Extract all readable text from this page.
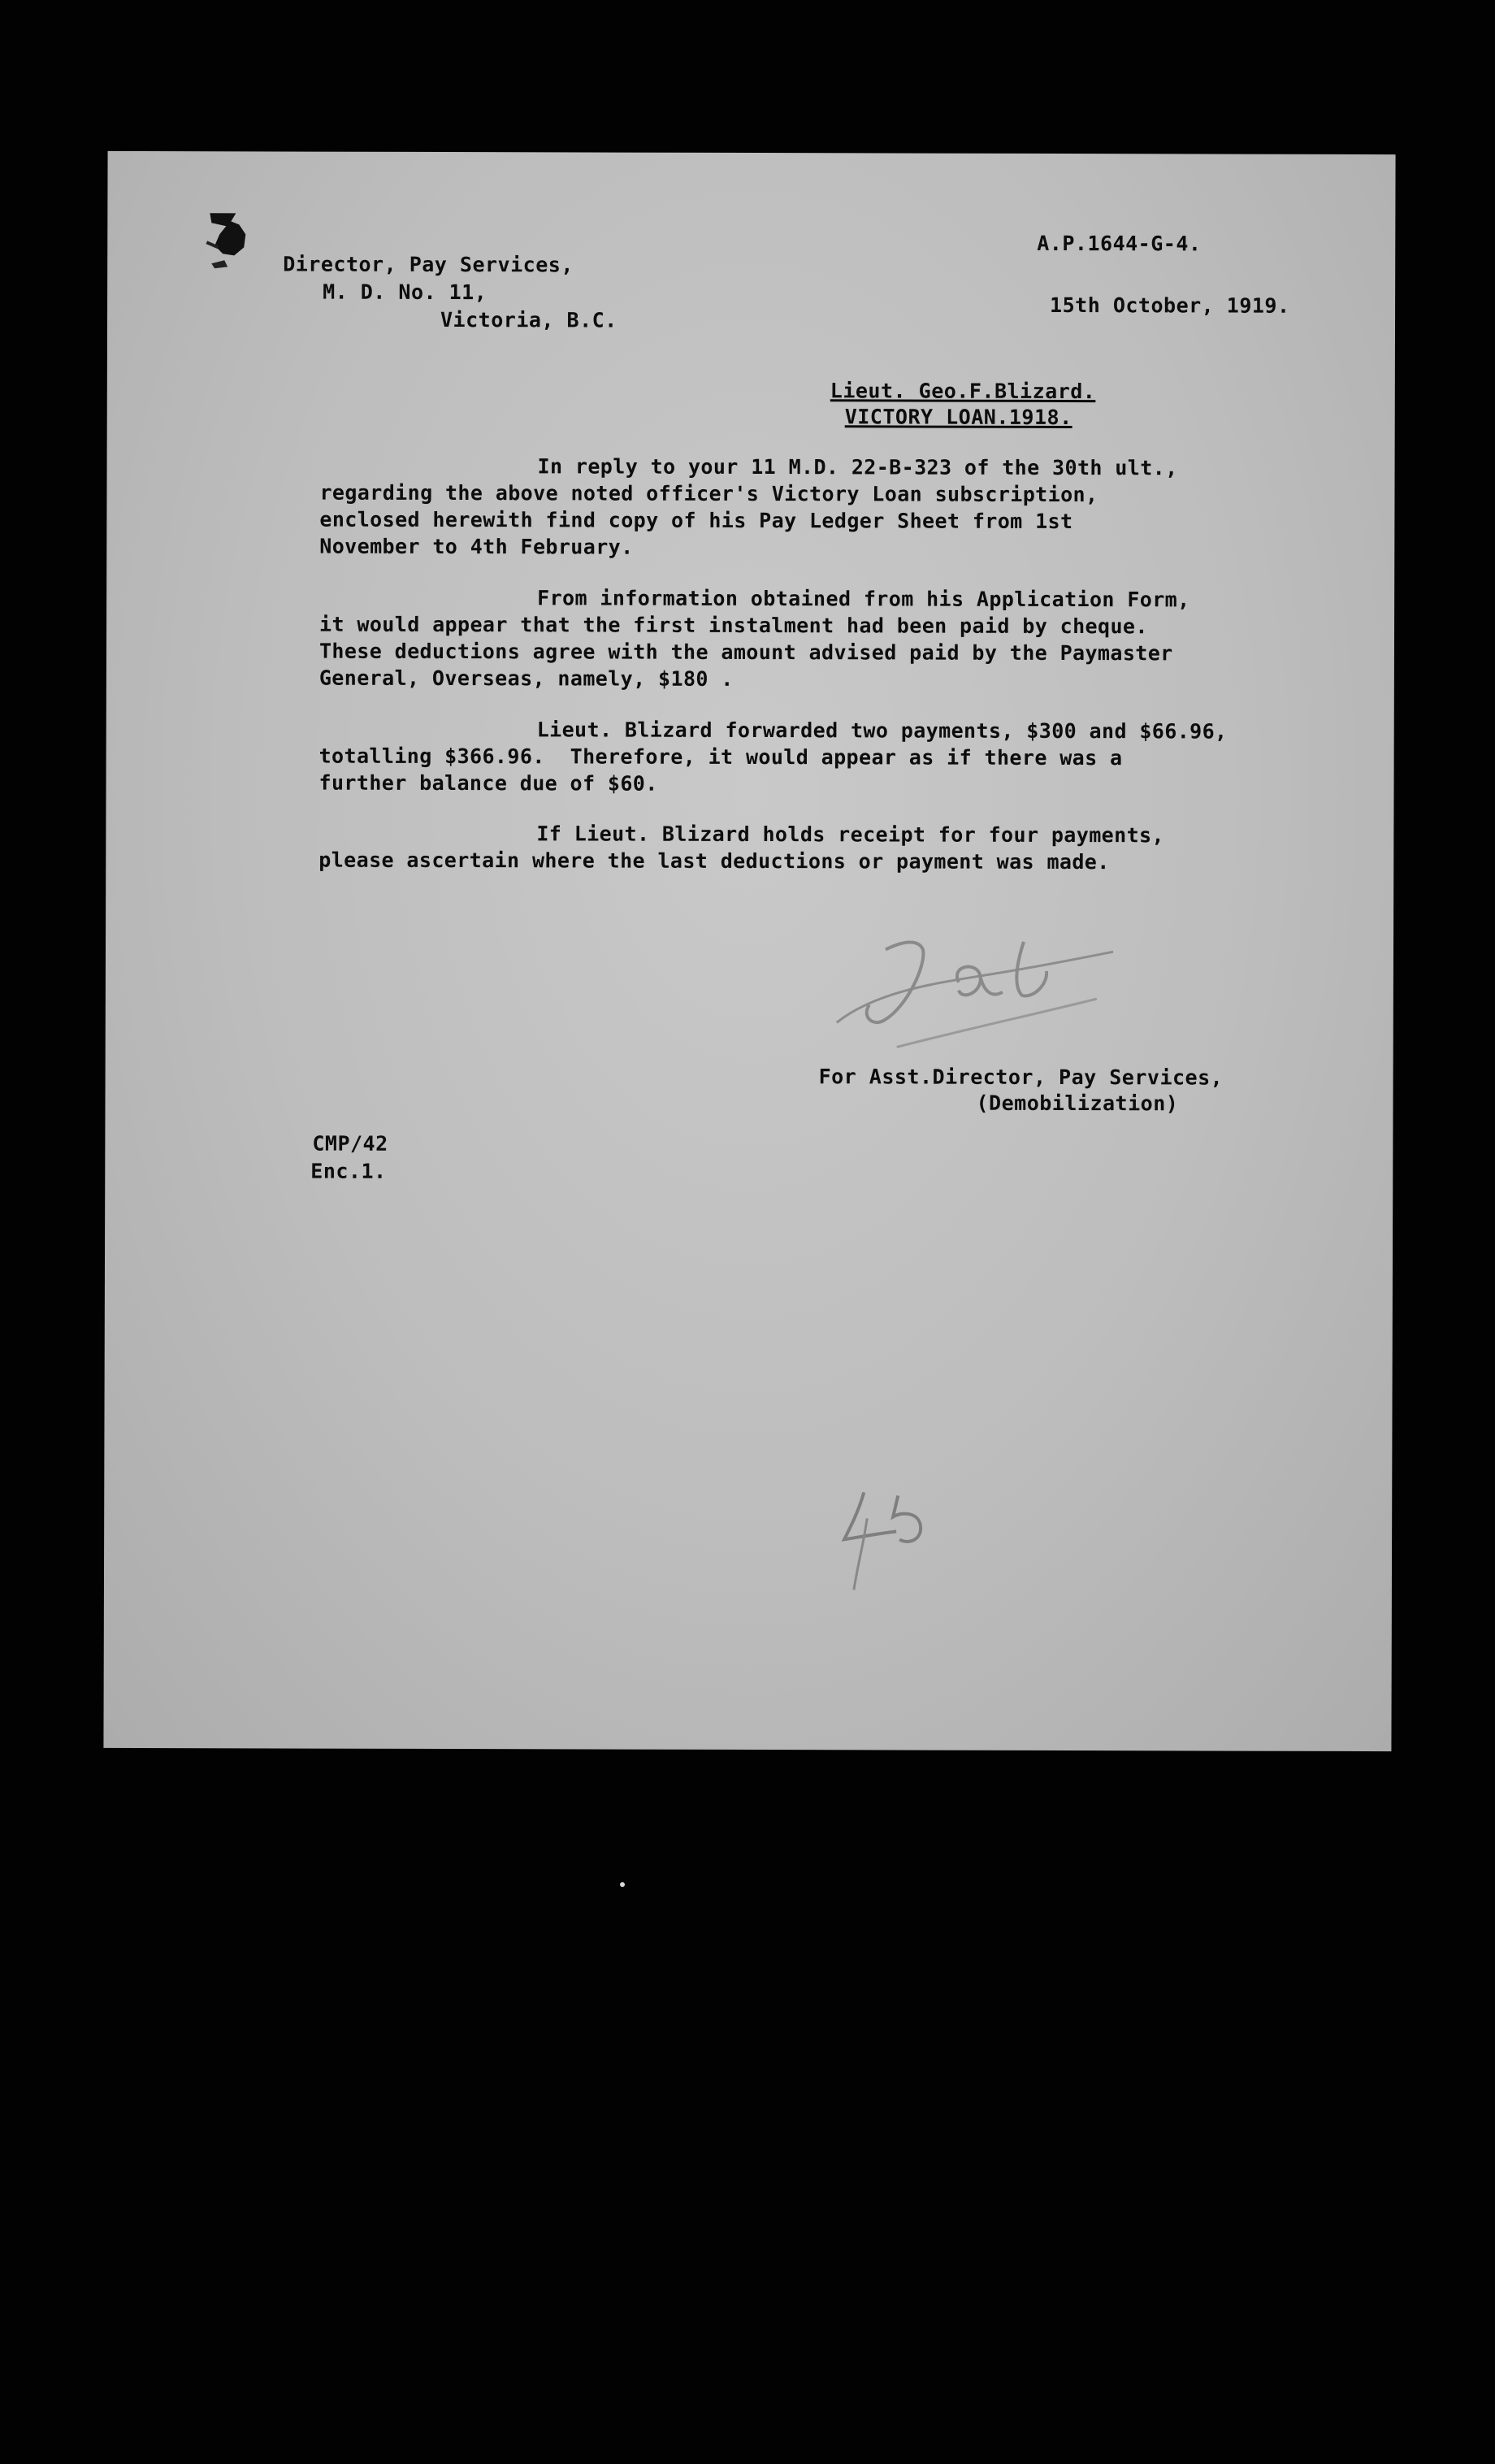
Director, Pay Services,
M. D. No. 11,
Victoria, B.C.
A.P.1644-G-4.
15th October, 1919.
Lieut. Geo.F.Blizard.
VICTORY LOAN.1918.
In reply to your 11 M.D. 22-B-323 of the 30th ult.,
regarding the above noted officer's Victory Loan subscription,
enclosed herewith find copy of his Pay Ledger Sheet from 1st
November to 4th February.
From information obtained from his Application Form,
it would appear that the first instalment had been paid by cheque.
These deductions agree with the amount advised paid by the Paymaster
General, Overseas, namely, $180 .
Lieut. Blizard forwarded two payments, $300 and $66.96,
totalling $366.96.  Therefore, it would appear as if there was a
further balance due of $60.
If Lieut. Blizard holds receipt for four payments,
please ascertain where the last deductions or payment was made.
For Asst.Director, Pay Services,
(Demobilization)
CMP/42
Enc.1.
